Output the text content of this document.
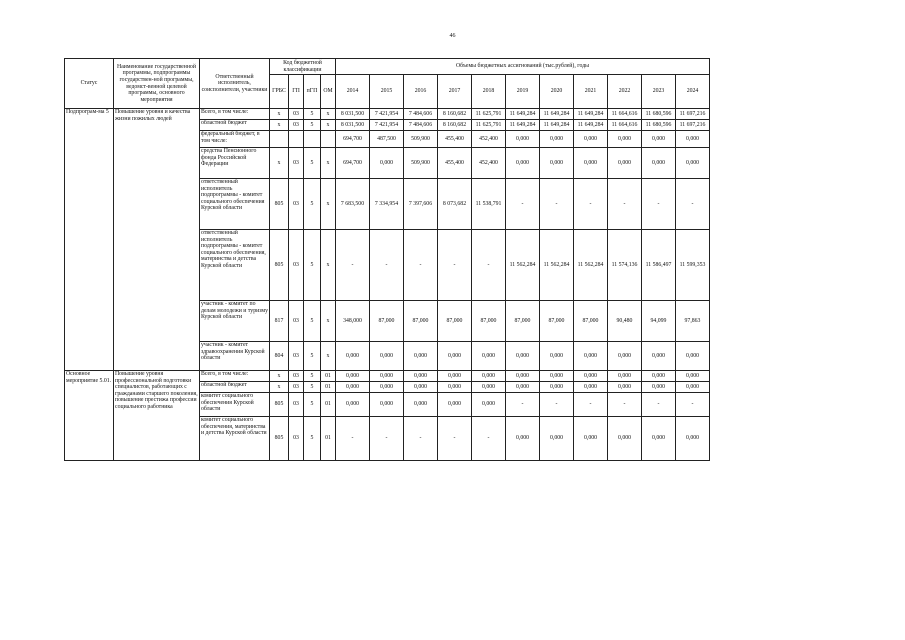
46
Статус	Наименование государственной программы, подпрограммы государствен-ной программы, ведомст-венной целевой программы, основного мероприятия	Ответственный исполнитель, соисполнители, участники	Код бюджетной классификации				Объемы бюджетных ассигнований (тыс.рублей), годы										
			ГРБС	ГП	пГП	ОМ	2014	2015	2016	2017	2018	2019	2020	2021	2022	2023	2024
Подпрограм-ма 5	Повышение уровня и качества жизни пожилых людей	Всего, в том числе:	х	03	5	х	8 031,500	7 421,954	7 484,606	8 160,682	11 625,791	11 649,284	11 649,284	11 649,284	11 664,616	11 680,596	11 697,216
		областной бюджет	х	03	5	х	8 031,500	7 421,954	7 484,606	8 160,682	11 625,791	11 649,284	11 649,284	11 649,284	11 664,616	11 680,596	11 697,216
		федеральный бюджет, в том числе:					694,700	487,500	509,900	455,400	452,400	0,000	0,000	0,000	0,000	0,000	0,000
		средства Пенсионного фонда Российской Федерации	х	03	5	х	694,700	0,000	509,900	455,400	452,400	0,000	0,000	0,000	0,000	0,000	0,000
		ответственный исполнитель подпрограммы - комитет социального обеспечения Курской области	805	03	5	х	7 683,500	7 334,954	7 397,606	8 073,682	11 538,791	-	-	-	-	-	-
		ответственный исполнитель подпрограммы - комитет социального обеспечения, материнства и детства Курской области	805	03	5	х	-	-	-	-	-	11 562,284	11 562,284	11 562,284	11 574,136	11 586,497	11 599,353
		участник - комитет по делам молодежи и туризму Курской области	817	03	5	х	348,000	87,000	87,000	87,000	87,000	87,000	87,000	87,000	90,480	94,099	97,863
		участник - комитет здравоохранения Курской области	804	03	5	х	0,000	0,000	0,000	0,000	0,000	0,000	0,000	0,000	0,000	0,000	0,000
Основное мероприятие 5.01.	Повышение уровня профессиональной подготовки специалистов, работающих с гражданами старшего поколения, повышение престижа профессии социального работника	Всего, в том числе:	х	03	5	01	0,000	0,000	0,000	0,000	0,000	0,000	0,000	0,000	0,000	0,000	0,000
		областной бюджет	х	03	5	01	0,000	0,000	0,000	0,000	0,000	0,000	0,000	0,000	0,000	0,000	0,000
		комитет социального обеспечения Курской области	805	03	5	01	0,000	0,000	0,000	0,000	0,000	-	-	-	-	-	-
		комитет социального обеспечения, материнства и детства Курской области	805	03	5	01	-	-	-	-	-	0,000	0,000	0,000	0,000	0,000	0,000
